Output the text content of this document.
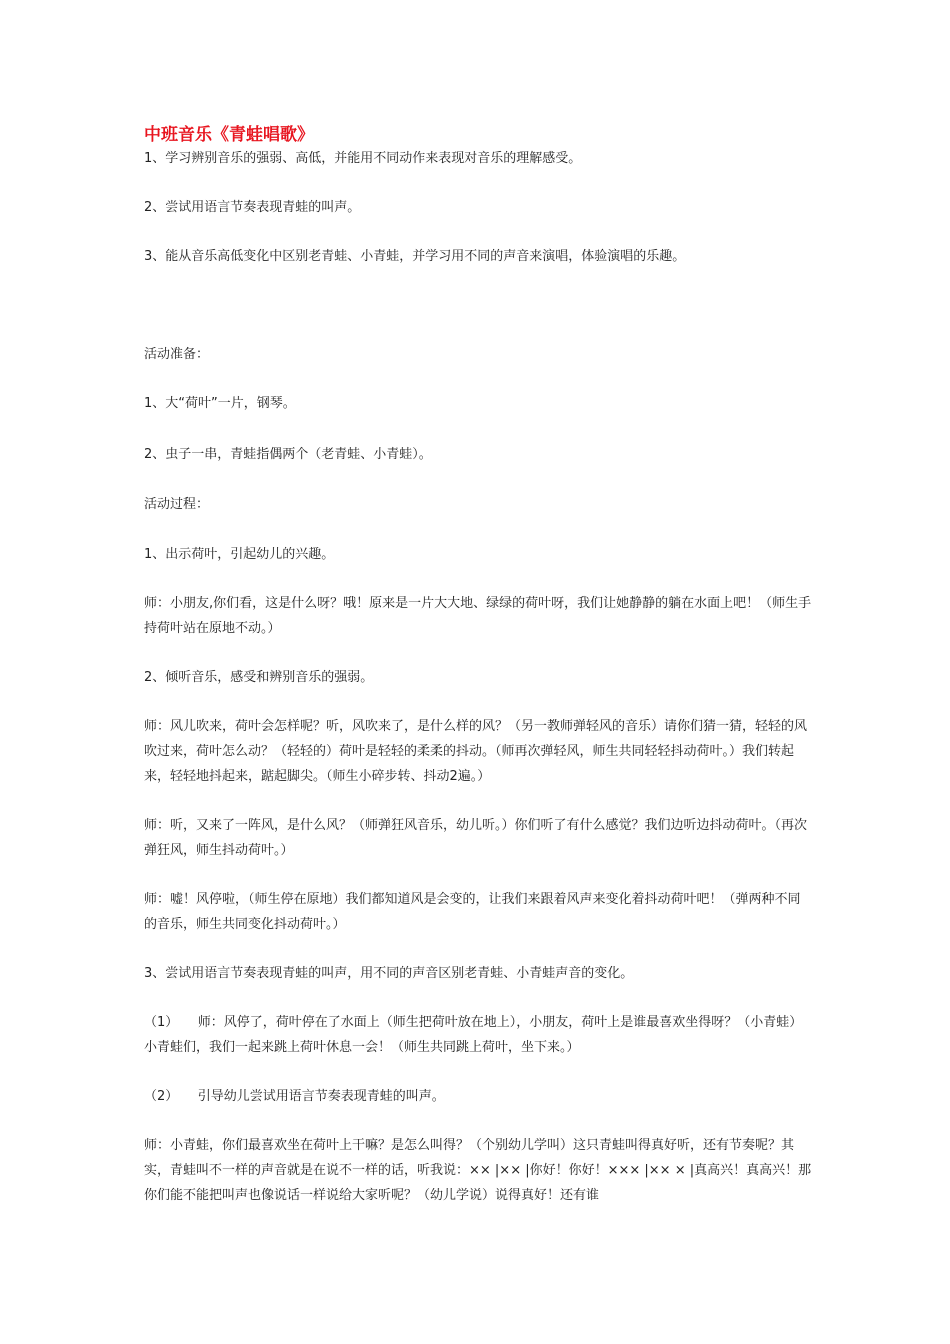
中班音乐《青蛙唱歌》

1、学习辨别音乐的强弱、高低，并能用不同动作来表现对音乐的理解感受。

2、尝试用语言节奏表现青蛙的叫声。

3、能从音乐高低变化中区别老青蛙、小青蛙，并学习用不同的声音来演唱，体验演唱的乐趣。

活动准备：

1、大“荷叶”一片，钢琴。

2、虫子一串，青蛙指偶两个（老青蛙、小青蛙）。

活动过程：

1、出示荷叶，引起幼儿的兴趣。

师：小朋友,你们看，这是什么呀？哦！原来是一片大大地、绿绿的荷叶呀，我们让她静静的躺在水面上吧！（师生手持荷叶站在原地不动。）

2、倾听音乐，感受和辨别音乐的强弱。

师：风儿吹来，荷叶会怎样呢？听，风吹来了，是什么样的风？（另一教师弹轻风的音乐）请你们猜一猜，轻轻的风吹过来，荷叶怎么动？（轻轻的）荷叶是轻轻的柔柔的抖动。（师再次弹轻风，师生共同轻轻抖动荷叶。）我们转起来，轻轻地抖起来，踮起脚尖。（师生小碎步转、抖动2遍。）

师：听，又来了一阵风，是什么风？（师弹狂风音乐，幼儿听。）你们听了有什么感觉？我们边听边抖动荷叶。（再次弹狂风，师生抖动荷叶。）

师：嘘！风停啦，（师生停在原地）我们都知道风是会变的，让我们来跟着风声来变化着抖动荷叶吧！（弹两种不同的音乐，师生共同变化抖动荷叶。）

3、尝试用语言节奏表现青蛙的叫声，用不同的声音区别老青蛙、小青蛙声音的变化。

（1）　　师：风停了，荷叶停在了水面上（师生把荷叶放在地上），小朋友，荷叶上是谁最喜欢坐得呀？（小青蛙）小青蛙们，我们一起来跳上荷叶休息一会！（师生共同跳上荷叶，坐下来。）

（2）　　引导幼儿尝试用语言节奏表现青蛙的叫声。

师：小青蛙，你们最喜欢坐在荷叶上干嘛？是怎么叫得？（个别幼儿学叫）这只青蛙叫得真好听，还有节奏呢？其实，青蛙叫不一样的声音就是在说不一样的话，听我说：×× |×× |你好！你好！××× |×× × |真高兴！真高兴！那你们能不能把叫声也像说话一样说给大家听呢？（幼儿学说）说得真好！还有谁
